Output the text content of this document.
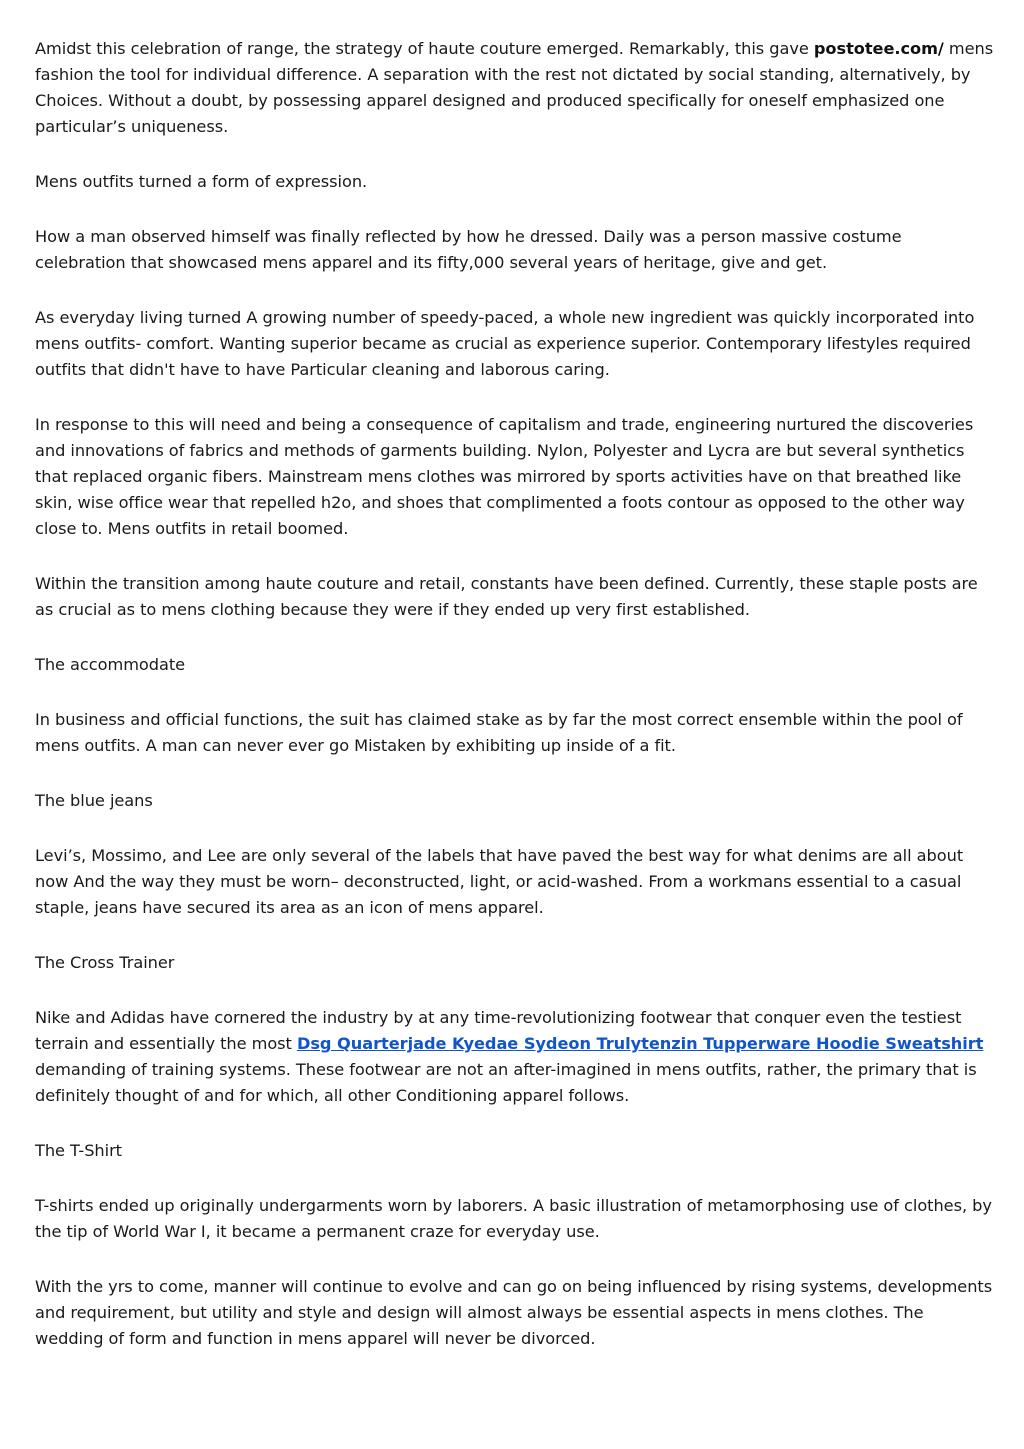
Amidst this celebration of range, the strategy of haute couture emerged. Remarkably, this gave postotee.com/ mens fashion the tool for individual difference. A separation with the rest not dictated by social standing, alternatively, by Choices. Without a doubt, by possessing apparel designed and produced specifically for oneself emphasized one particular’s uniqueness.

Mens outfits turned a form of expression.

How a man observed himself was finally reflected by how he dressed. Daily was a person massive costume celebration that showcased mens apparel and its fifty,000 several years of heritage, give and get.

As everyday living turned A growing number of speedy-paced, a whole new ingredient was quickly incorporated into mens outfits- comfort. Wanting superior became as crucial as experience superior. Contemporary lifestyles required outfits that didn't have to have Particular cleaning and laborous caring.

In response to this will need and being a consequence of capitalism and trade, engineering nurtured the discoveries and innovations of fabrics and methods of garments building. Nylon, Polyester and Lycra are but several synthetics that replaced organic fibers. Mainstream mens clothes was mirrored by sports activities have on that breathed like skin, wise office wear that repelled h2o, and shoes that complimented a foots contour as opposed to the other way close to. Mens outfits in retail boomed.

Within the transition among haute couture and retail, constants have been defined. Currently, these staple posts are as crucial as to mens clothing because they were if they ended up very first established.

The accommodate

In business and official functions, the suit has claimed stake as by far the most correct ensemble within the pool of mens outfits. A man can never ever go Mistaken by exhibiting up inside of a fit.

The blue jeans

Levi’s, Mossimo, and Lee are only several of the labels that have paved the best way for what denims are all about now And the way they must be worn– deconstructed, light, or acid-washed. From a workmans essential to a casual staple, jeans have secured its area as an icon of mens apparel.

The Cross Trainer

Nike and Adidas have cornered the industry by at any time-revolutionizing footwear that conquer even the testiest terrain and essentially the most Dsg Quarterjade Kyedae Sydeon Trulytenzin Tupperware Hoodie Sweatshirt demanding of training systems. These footwear are not an after-imagined in mens outfits, rather, the primary that is definitely thought of and for which, all other Conditioning apparel follows.

The T-Shirt

T-shirts ended up originally undergarments worn by laborers. A basic illustration of metamorphosing use of clothes, by the tip of World War I, it became a permanent craze for everyday use.

With the yrs to come, manner will continue to evolve and can go on being influenced by rising systems, developments and requirement, but utility and style and design will almost always be essential aspects in mens clothes. The wedding of form and function in mens apparel will never be divorced.
